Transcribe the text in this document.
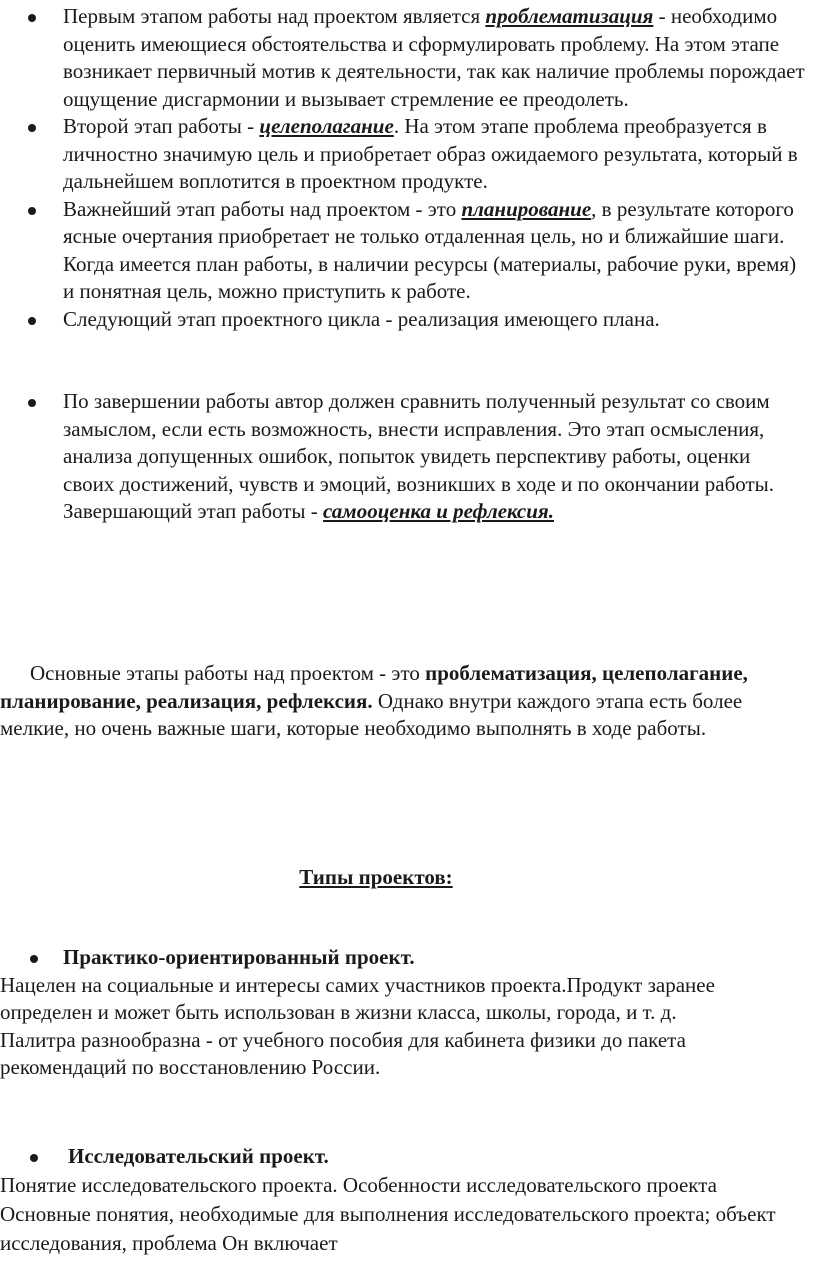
Первым этапом работы над проектом является проблематизация - необходимо оценить имеющиеся обстоятельства и сформулировать проблему. На этом этапе возникает первичный мотив к деятельности, так как наличие проблемы порождает ощущение дисгармонии и вызывает стремление ее преодолеть.
Второй этап работы - целеполагание. На этом этапе проблема преобразуется в личностно значимую цель и приобретает образ ожидаемого результата, который в дальнейшем воплотится в проектном продукте.
Важнейший этап работы над проектом - это планирование, в результате которого ясные очертания приобретает не только отдаленная цель, но и ближайшие шаги. Когда имеется план работы, в наличии ресурсы (материалы, рабочие руки, время) и понятная цель, можно приступить к работе.
Следующий этап проектного цикла - реализация имеющего плана.
По завершении работы автор должен сравнить полученный результат со своим замыслом, если есть возможность, внести исправления. Это этап осмысления, анализа допущенных ошибок, попыток увидеть перспективу работы, оценки своих достижений, чувств и эмоций, возникших в ходе и по окончании работы. Завершающий этап работы - самооценка и рефлексия.

Основные этапы работы над проектом - это проблематизация, целеполагание, планирование, реализация, рефлексия. Однако внутри каждого этапа есть более мелкие, но очень важные шаги, которые необходимо выполнять в ходе работы.

Типы проектов:

Практико-ориентированный проект.

Нацелен на социальные и интересы самих участников проекта.Продукт заранее определен и может быть использован в жизни класса, школы, города, и т. д.

Палитра разнообразна - от учебного пособия для кабинета физики до пакета рекомендаций по восстановлению России.

Исследовательский проект.

Понятие исследовательского проекта. Особенности исследовательского проекта Основные понятия, необходимые для выполнения исследовательского проекта; объект исследования, проблема Он включает
